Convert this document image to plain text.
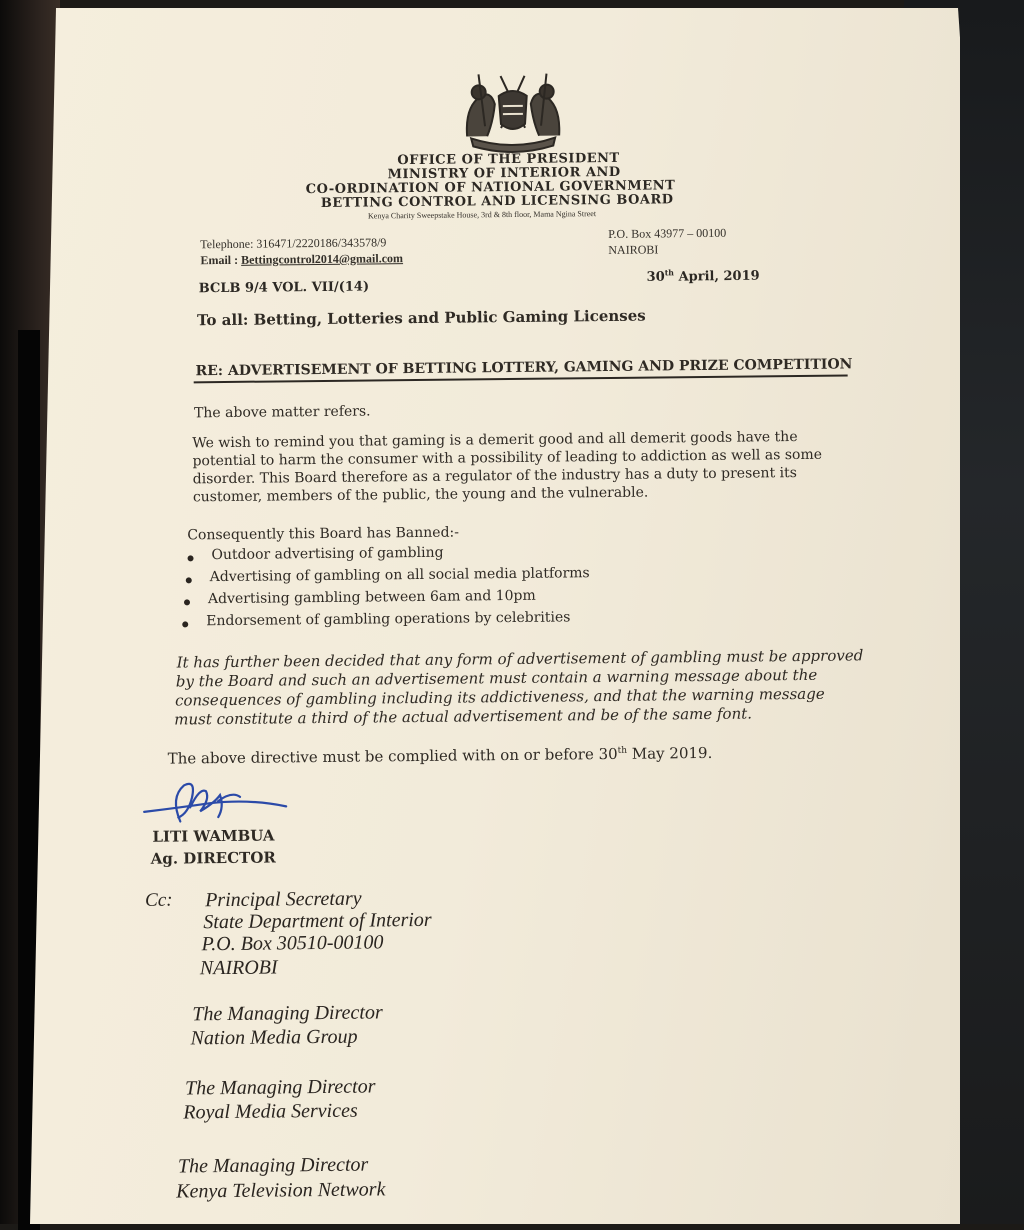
OFFICE OF THE PRESIDENT
MINISTRY OF INTERIOR AND
CO-ORDINATION OF NATIONAL GOVERNMENT
BETTING CONTROL AND LICENSING BOARD
Kenya Charity Sweepstake House, 3rd & 8th floor, Mama Ngina Street
Telephone: 316471/2220186/343578/9
Email : Bettingcontrol2014@gmail.com
P.O. Box 43977 – 00100
NAIROBI
BCLB 9/4 VOL. VII/(14)
30th April, 2019
To all: Betting, Lotteries and Public Gaming Licenses
RE: ADVERTISEMENT OF BETTING LOTTERY, GAMING AND PRIZE COMPETITION
The above matter refers.
We wish to remind you that gaming is a demerit good and all demerit goods have the
potential to harm the consumer with a possibility of leading to addiction as well as some
disorder. This Board therefore as a regulator of the industry has a duty to present its
customer, members of the public, the young and the vulnerable.
Consequently this Board has Banned:-
Outdoor advertising of gambling
Advertising of gambling on all social media platforms
Advertising gambling between 6am and 10pm
Endorsement of gambling operations by celebrities
It has further been decided that any form of advertisement of gambling must be approved
by the Board and such an advertisement must contain a warning message about the
consequences of gambling including its addictiveness, and that the warning message
must constitute a third of the actual advertisement and be of the same font.
The above directive must be complied with on or before 30th May 2019.
LITI WAMBUA
Ag. DIRECTOR
Cc: Principal Secretary
State Department of Interior
P.O. Box 30510-00100
NAIROBI
The Managing Director
Nation Media Group
The Managing Director
Royal Media Services
The Managing Director
Kenya Television Network
